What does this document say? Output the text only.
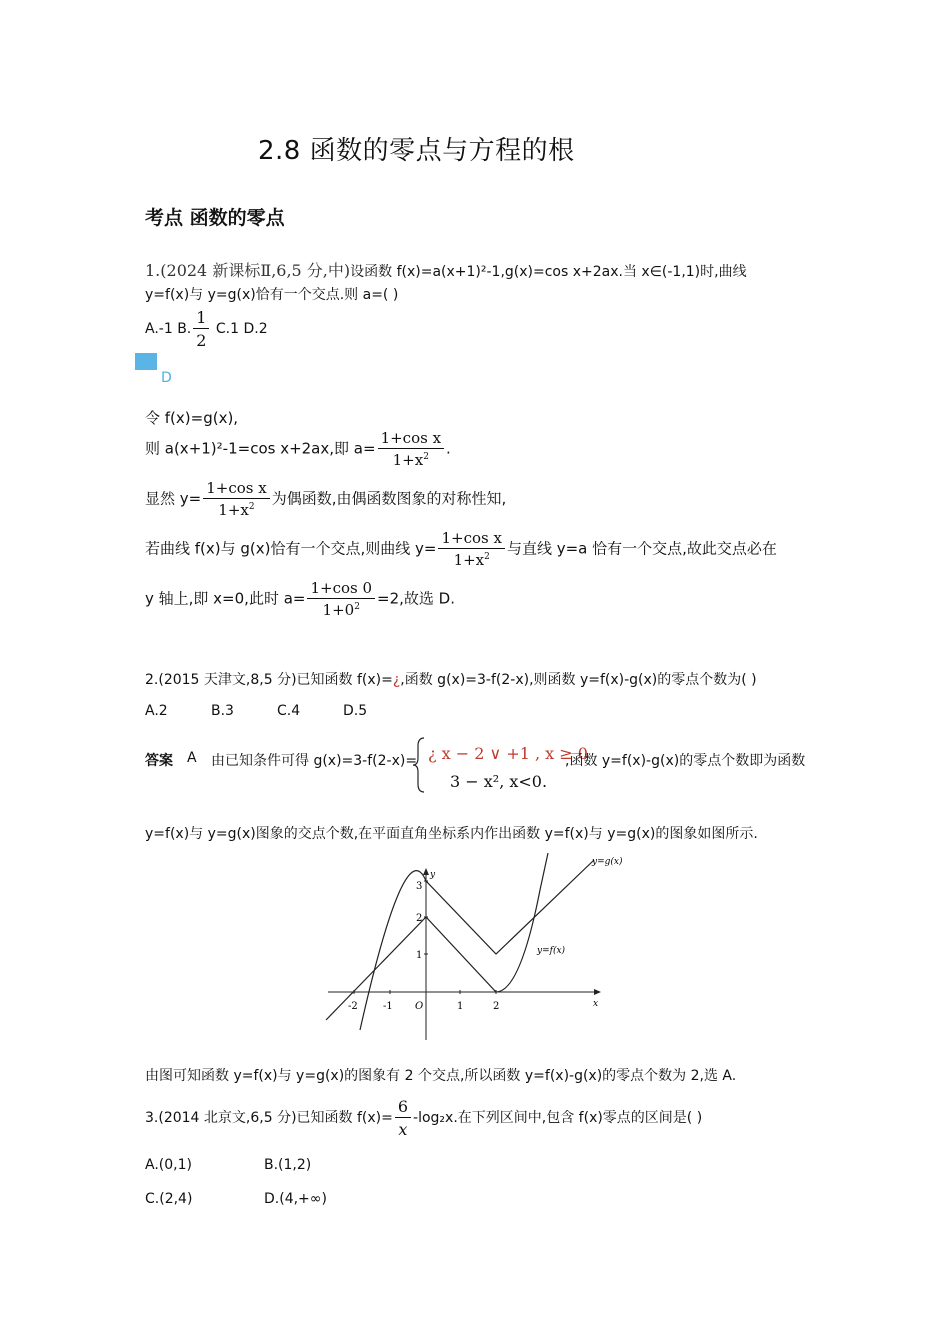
2.8 函数的零点与方程的根
考点 函数的零点
1.(2024 新课标Ⅱ,6,5 分,中)设函数 f(x)=a(x+1)²-1,g(x)=cos x+2ax.当 x∈(-1,1)时,曲线
y=f(x)与 y=g(x)恰有一个交点.则 a=( )
A.-1 B. $\frac{1}{2} C.1$ D.2
D
令 f(x)=g(x),
则 a(x+1)²-1=cos x+2ax,即 $a= \frac{\text{1+cos x}}{1+x^2}$ .
显然 $y= \frac{\text{1+cos x}}{1+x^2}$ 为偶函数,由偶函数图象的对称性知,
若曲线 f(x)与 g(x)恰有一个交点,则曲线 $y= \frac{\text{1+cos x}}{1+x^2}$ 与直线 y=a 恰有一个交点,故此交点必在
y 轴上,即 x=0,此时 $a= \frac{1+\cos 0}{1+0^2} =2$,故选 D.
2.(2015 天津文,8,5 分)已知函数 f(x)=¿,函数 g(x)=3-f(2-x),则函数 y=f(x)-g(x)的零点个数为( )
A.2	B.3	C.4	D.5
答案 A 由已知条件可得 g(x)=3-f(2-x)= ¿ x − 2 ∨ +1 , x ≥ 0
3 − x², x<0.
,函数 y=f(x)-g(x)的零点个数即为函数
y=f(x)与 y=g(x)图象的交点个数,在平面直角坐标系内作出函数 y=f(x)与 y=g(x)的图象如图所示.
-2	-1 O	1	2
1
2
3
x
y
y=g(x)
y=f(x)
由图可知函数 y=f(x)与 y=g(x)的图象有 2 个交点,所以函数 y=f(x)-g(x)的零点个数为 2,选 A.
3.(2014 北京文,6,5 分)已知函数 $f(x)= \frac{6}{x} -\log_2x$.在下列区间中,包含 f(x)零点的区间是( )
A.(0,1)	B.(1,2)
C.(2,4)	D.(4,+∞)
